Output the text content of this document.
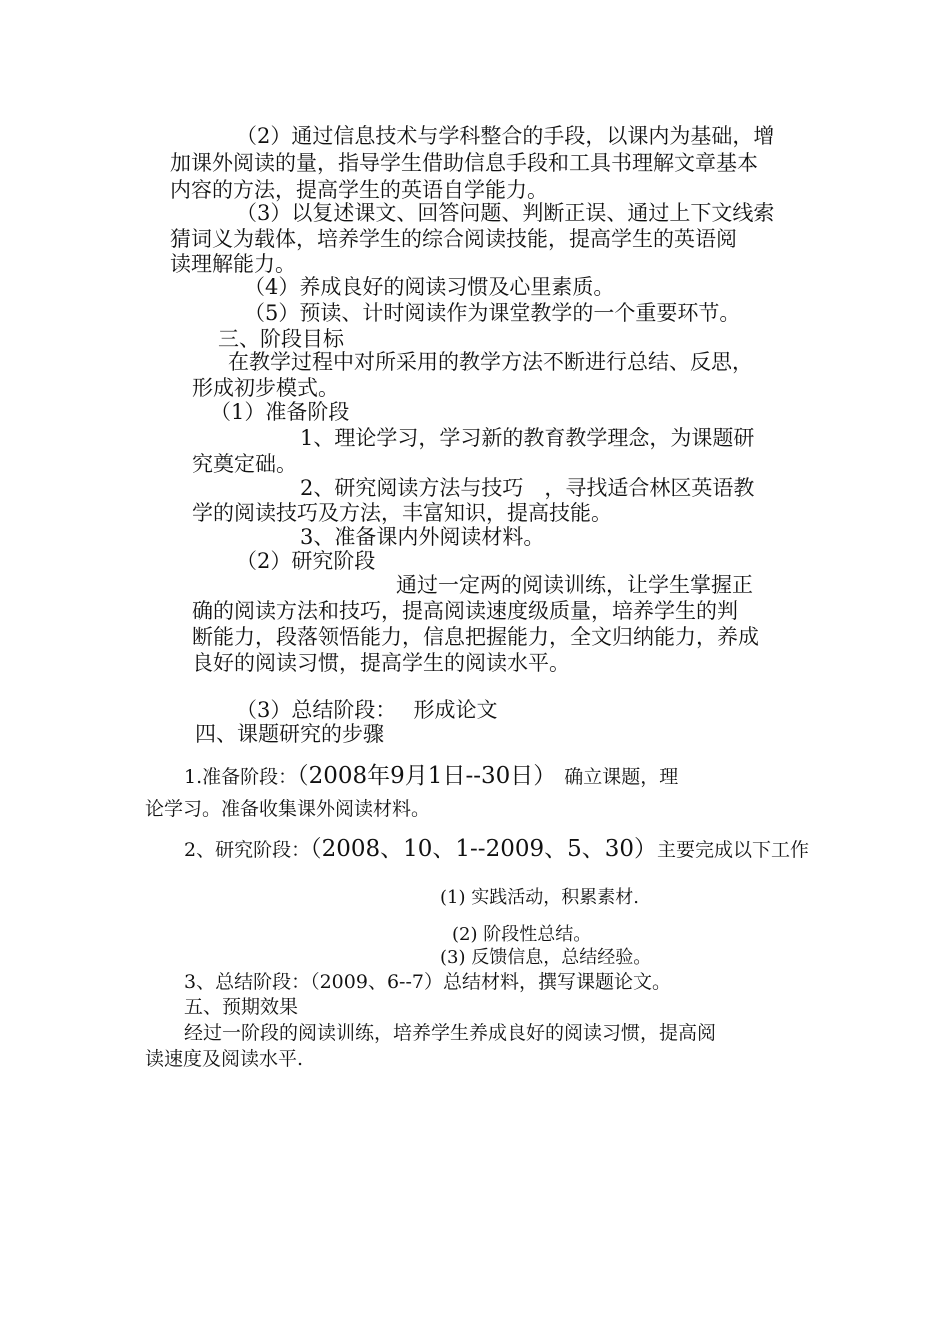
（2）通过信息技术与学科整合的手段，以课内为基础，增
加课外阅读的量，指导学生借助信息手段和工具书理解文章基本
内容的方法，提高学生的英语自学能力。
（3）以复述课文、回答问题、判断正误、通过上下文线索
猜词义为载体，培养学生的综合阅读技能，提高学生的英语阅
读理解能力。
（4）养成良好的阅读习惯及心里素质。
（5）预读、计时阅读作为课堂教学的一个重要环节。
三、阶段目标
在教学过程中对所采用的教学方法不断进行总结、反思，
形成初步模式。
（1）准备阶段
1、理论学习，学习新的教育教学理念，为课题研
究奠定础。
2、研究阅读方法与技巧　，寻找适合林区英语教
学的阅读技巧及方法，丰富知识，提高技能。
3、准备课内外阅读材料。
（2）研究阶段
通过一定两的阅读训练，让学生掌握正
确的阅读方法和技巧，提高阅读速度级质量，培养学生的判
断能力，段落领悟能力，信息把握能力，全文归纳能力，养成
良好的阅读习惯，提高学生的阅读水平。
（3）总结阶段：　 形成论文
四、课题研究的步骤
1.准备阶段：（2008年9月1日--30日） 确立课题，理
论学习。准备收集课外阅读材料。
2、研究阶段：（2008、10、1--2009、5、30）主要完成以下工作
(1) 实践活动，积累素材.
(2) 阶段性总结。
(3) 反馈信息，总结经验。
3、总结阶段：（2009、6--7）总结材料，撰写课题论文。
五、预期效果
经过一阶段的阅读训练，培养学生养成良好的阅读习惯，提高阅
读速度及阅读水平.
